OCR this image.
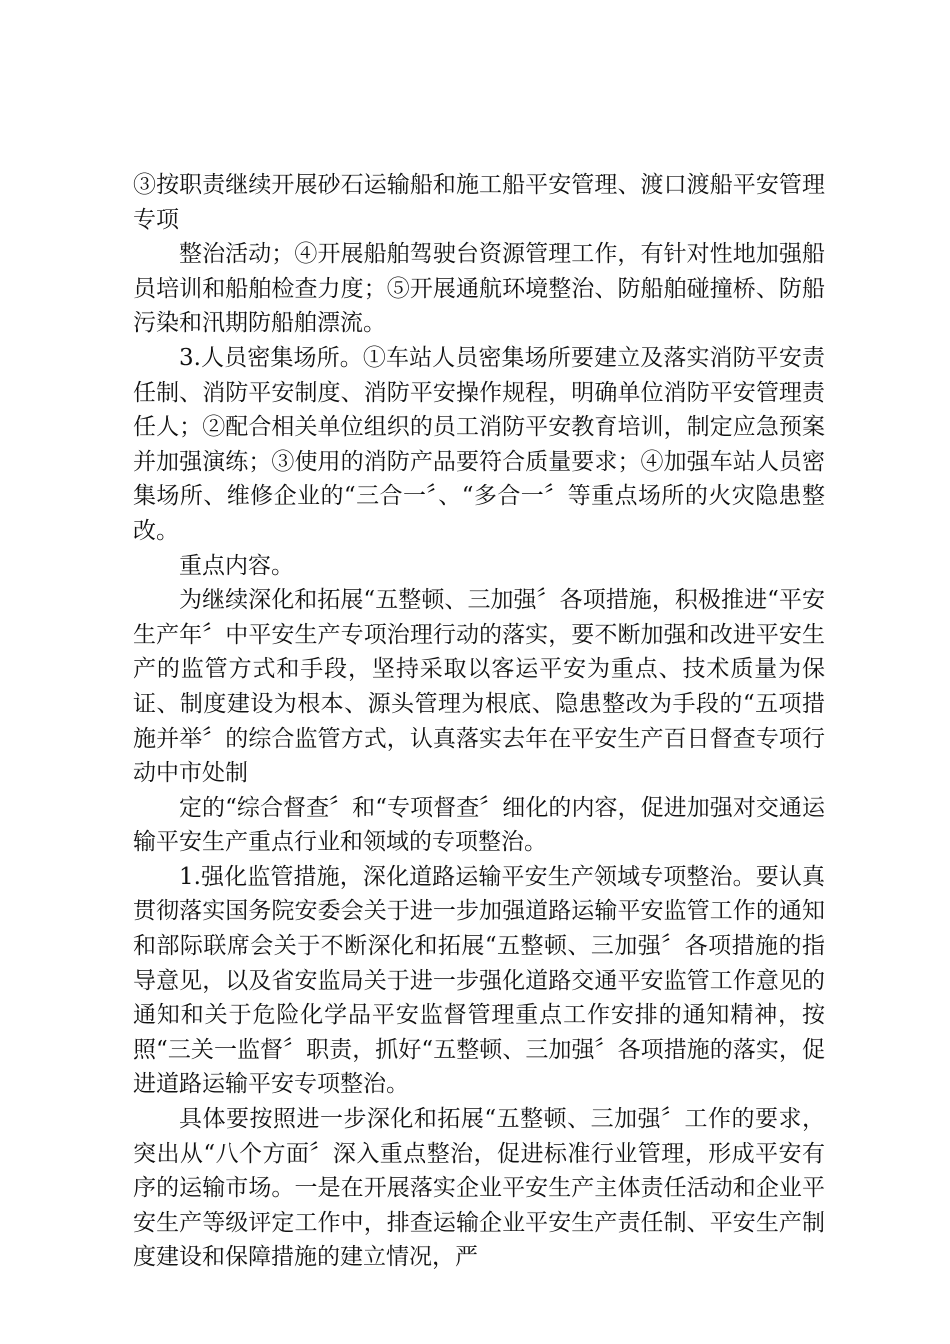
③按职责继续开展砂石运输船和施工船平安管理、渡口渡船平安管理专项

整治活动；④开展船舶驾驶台资源管理工作，有针对性地加强船员培训和船舶检查力度；⑤开展通航环境整治、防船舶碰撞桥、防船污染和汛期防船舶漂流。

3.人员密集场所。①车站人员密集场所要建立及落实消防平安责任制、消防平安制度、消防平安操作规程，明确单位消防平安管理责任人；②配合相关单位组织的员工消防平安教育培训，制定应急预案并加强演练；③使用的消防产品要符合质量要求；④加强车站人员密集场所、维修企业的“三合一〞、“多合一〞等重点场所的火灾隐患整改。

重点内容。

为继续深化和拓展“五整顿、三加强〞各项措施，积极推进“平安生产年〞中平安生产专项治理行动的落实，要不断加强和改进平安生产的监管方式和手段，坚持采取以客运平安为重点、技术质量为保证、制度建设为根本、源头管理为根底、隐患整改为手段的“五项措施并举〞的综合监管方式，认真落实去年在平安生产百日督查专项行动中市处制

定的“综合督查〞和“专项督查〞细化的内容，促进加强对交通运输平安生产重点行业和领域的专项整治。

1.强化监管措施，深化道路运输平安生产领域专项整治。要认真贯彻落实国务院安委会关于进一步加强道路运输平安监管工作的通知和部际联席会关于不断深化和拓展“五整顿、三加强〞各项措施的指导意见，以及省安监局关于进一步强化道路交通平安监管工作意见的通知和关于危险化学品平安监督管理重点工作安排的通知精神，按照“三关一监督〞职责，抓好“五整顿、三加强〞各项措施的落实，促进道路运输平安专项整治。

具体要按照进一步深化和拓展“五整顿、三加强〞工作的要求，突出从“八个方面〞深入重点整治，促进标准行业管理，形成平安有序的运输市场。一是在开展落实企业平安生产主体责任活动和企业平安生产等级评定工作中，排查运输企业平安生产责任制、平安生产制度建设和保障措施的建立情况，严
